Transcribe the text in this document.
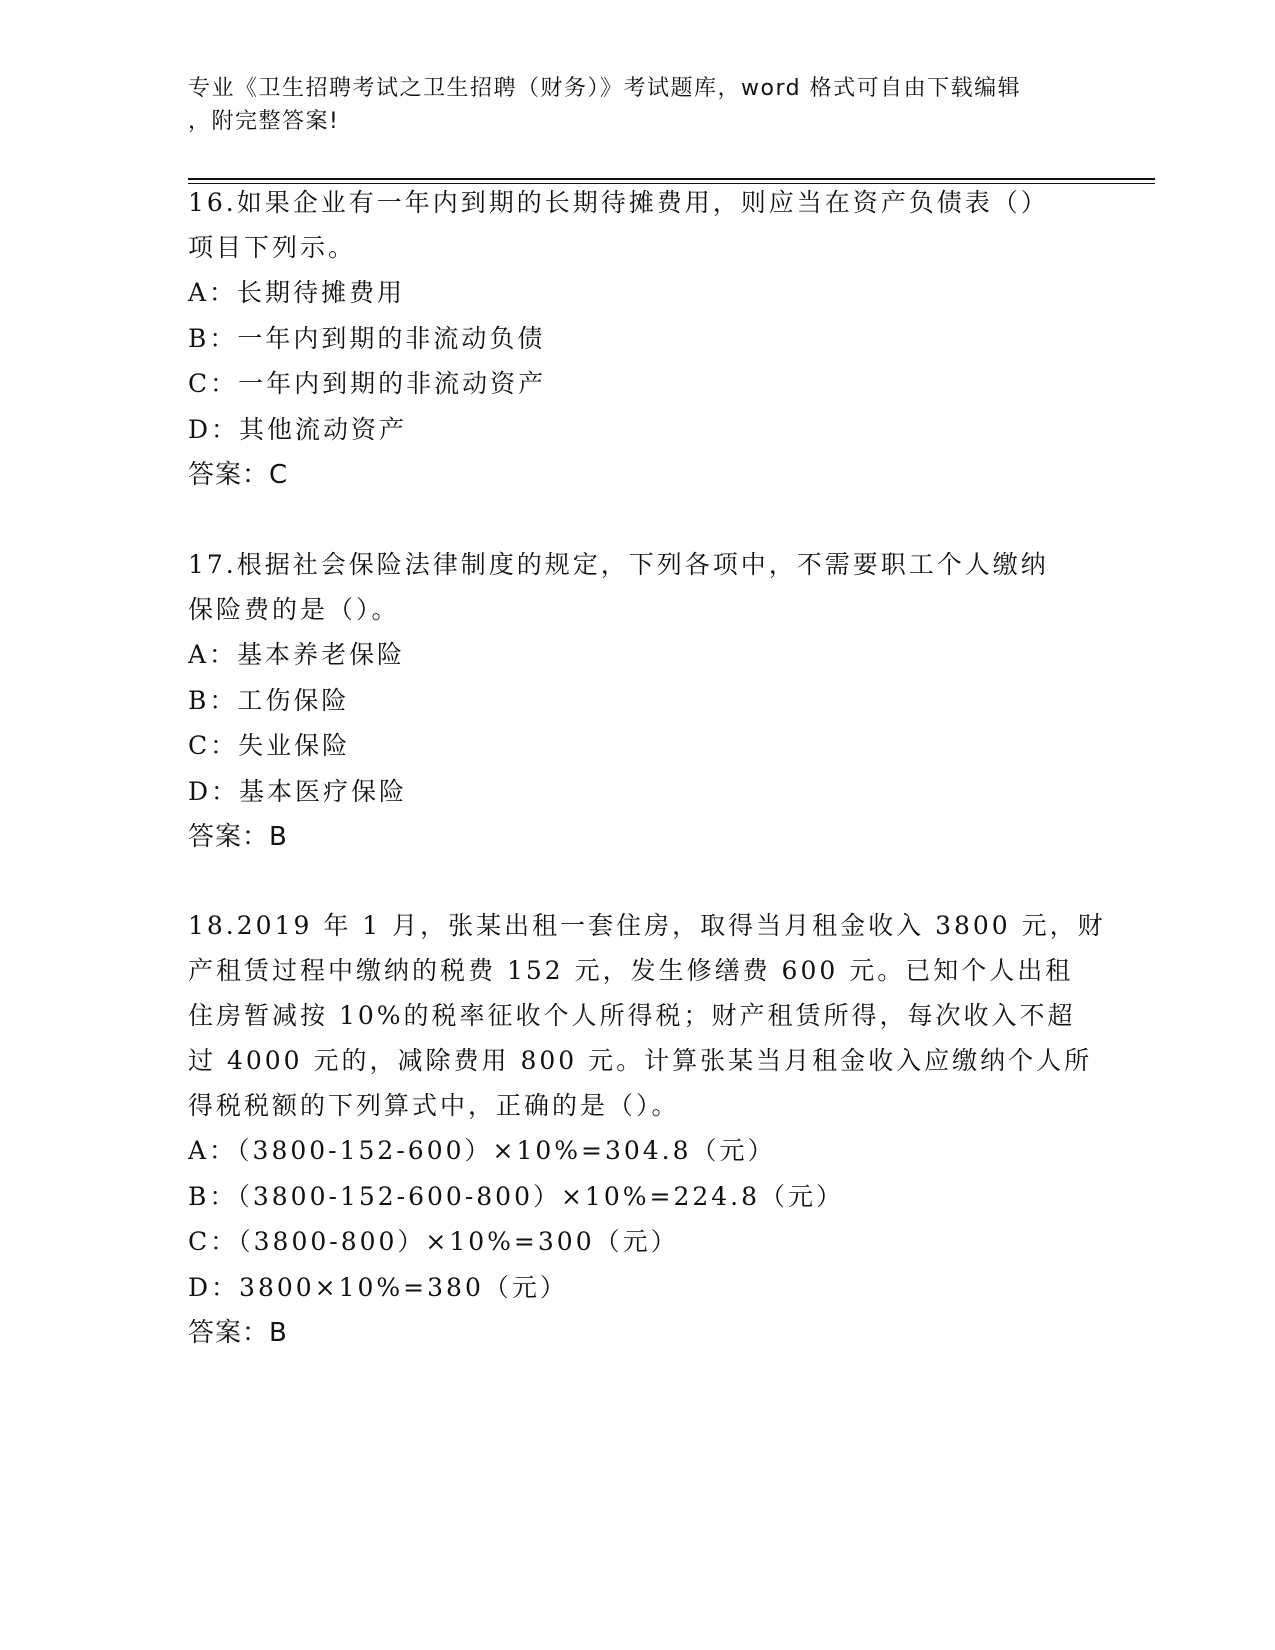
专业《卫生招聘考试之卫生招聘（财务）》考试题库，word 格式可自由下载编辑
，附完整答案!
16.如果企业有一年内到期的长期待摊费用，则应当在资产负债表（）
项目下列示。
A：长期待摊费用
B：一年内到期的非流动负债
C：一年内到期的非流动资产
D：其他流动资产
答案：C
17.根据社会保险法律制度的规定，下列各项中，不需要职工个人缴纳
保险费的是（）。
A：基本养老保险
B：工伤保险
C：失业保险
D：基本医疗保险
答案：B
18.2019 年 1 月，张某出租一套住房，取得当月租金收入 3800 元，财
产租赁过程中缴纳的税费 152 元，发生修缮费 600 元。已知个人出租
住房暂减按 10%的税率征收个人所得税；财产租赁所得，每次收入不超
过 4000 元的，减除费用 800 元。计算张某当月租金收入应缴纳个人所
得税税额的下列算式中，正确的是（）。
A：（3800-152-600）×10%=304.8（元）
B：（3800-152-600-800）×10%=224.8（元）
C：（3800-800）×10%=300（元）
D：3800×10%=380（元）
答案：B
